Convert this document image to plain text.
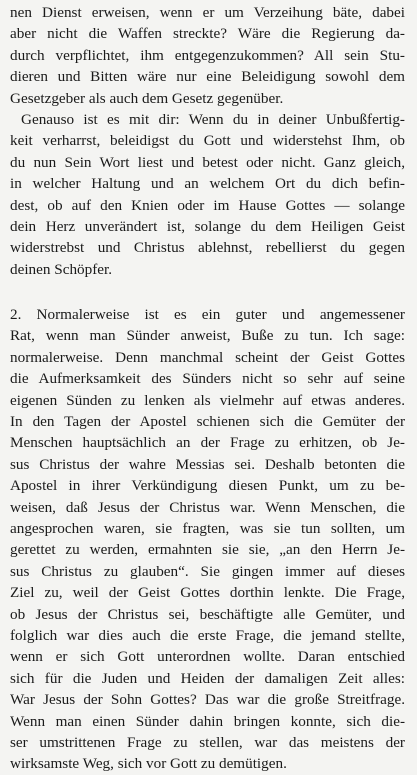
nen Dienst erweisen, wenn er um Verzeihung bäte, dabei
aber nicht die Waffen streckte? Wäre die Regierung da-
durch verpflichtet, ihm entgegenzukommen? All sein Stu-
dieren und Bitten wäre nur eine Beleidigung sowohl dem
Gesetzgeber als auch dem Gesetz gegenüber.
Genauso ist es mit dir: Wenn du in deiner Unbußfertig-
keit verharrst, beleidigst du Gott und widerstehst Ihm, ob
du nun Sein Wort liest und betest oder nicht. Ganz gleich,
in welcher Haltung und an welchem Ort du dich befin-
dest, ob auf den Knien oder im Hause Gottes — solange
dein Herz unverändert ist, solange du dem Heiligen Geist
widerstrebst und Christus ablehnst, rebellierst du gegen
deinen Schöpfer.
2. Normalerweise ist es ein guter und angemessener
Rat, wenn man Sünder anweist, Buße zu tun. Ich sage:
normalerweise. Denn manchmal scheint der Geist Gottes
die Aufmerksamkeit des Sünders nicht so sehr auf seine
eigenen Sünden zu lenken als vielmehr auf etwas anderes.
In den Tagen der Apostel schienen sich die Gemüter der
Menschen hauptsächlich an der Frage zu erhitzen, ob Je-
sus Christus der wahre Messias sei. Deshalb betonten die
Apostel in ihrer Verkündigung diesen Punkt, um zu be-
weisen, daß Jesus der Christus war. Wenn Menschen, die
angesprochen waren, sie fragten, was sie tun sollten, um
gerettet zu werden, ermahnten sie sie, „an den Herrn Je-
sus Christus zu glauben“. Sie gingen immer auf dieses
Ziel zu, weil der Geist Gottes dorthin lenkte. Die Frage,
ob Jesus der Christus sei, beschäftigte alle Gemüter, und
folglich war dies auch die erste Frage, die jemand stellte,
wenn er sich Gott unterordnen wollte. Daran entschied
sich für die Juden und Heiden der damaligen Zeit alles:
War Jesus der Sohn Gottes? Das war die große Streitfrage.
Wenn man einen Sünder dahin bringen konnte, sich die-
ser umstrittenen Frage zu stellen, war das meistens der
wirksamste Weg, sich vor Gott zu demütigen.
